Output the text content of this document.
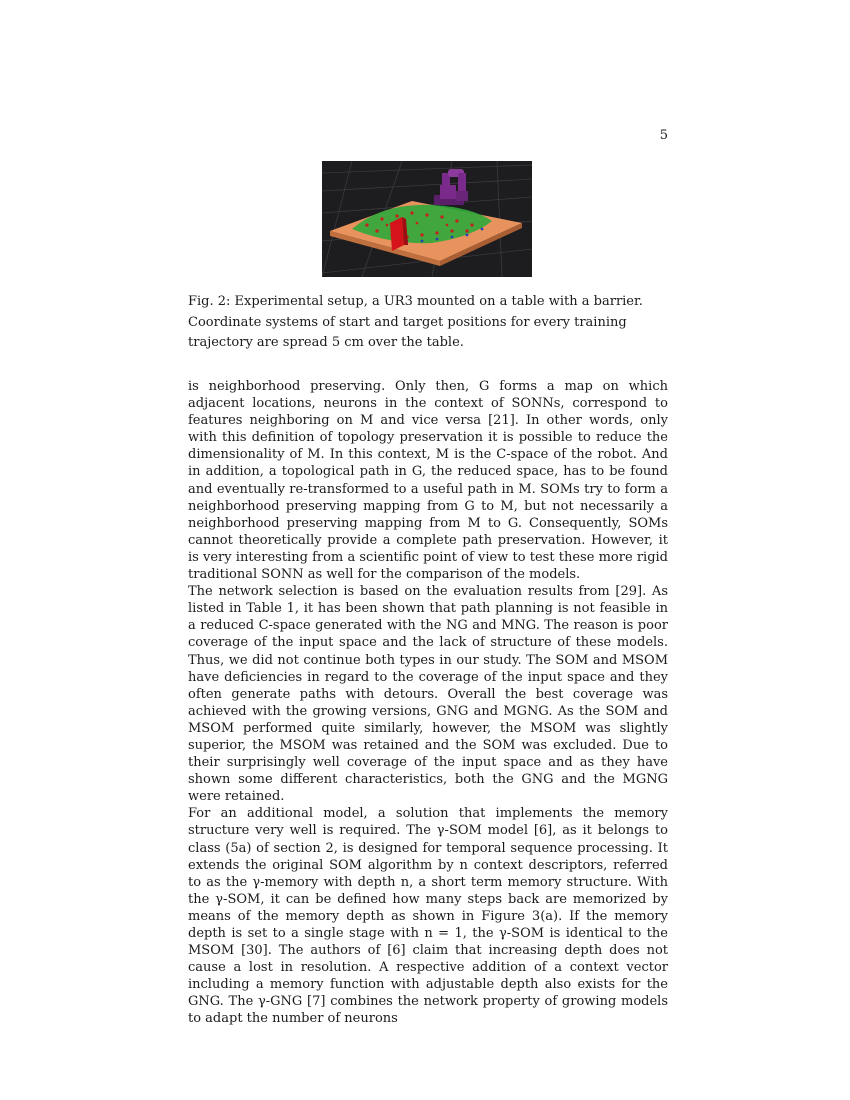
5
Fig. 2: Experimental setup, a UR3 mounted on a table with a barrier. Coordinate systems of start and target positions for every training trajectory are spread 5 cm over the table.

is neighborhood preserving. Only then, G forms a map on which adjacent locations, neurons in the context of SONNs, correspond to features neighboring on M and vice versa [21]. In other words, only with this definition of topology preservation it is possible to reduce the dimensionality of M. In this context, M is the C-space of the robot. And in addition, a topological path in G, the reduced space, has to be found and eventually re-transformed to a useful path in M. SOMs try to form a neighborhood preserving mapping from G to M, but not necessarily a neighborhood preserving mapping from M to G. Consequently, SOMs cannot theoretically provide a complete path preservation. However, it is very interesting from a scientific point of view to test these more rigid traditional SONN as well for the comparison of the models.

The network selection is based on the evaluation results from [29]. As listed in Table 1, it has been shown that path planning is not feasible in a reduced C-space generated with the NG and MNG. The reason is poor coverage of the input space and the lack of structure of these models. Thus, we did not continue both types in our study. The SOM and MSOM have deficiencies in regard to the coverage of the input space and they often generate paths with detours. Overall the best coverage was achieved with the growing versions, GNG and MGNG. As the SOM and MSOM performed quite similarly, however, the MSOM was slightly superior, the MSOM was retained and the SOM was excluded. Due to their surprisingly well coverage of the input space and as they have shown some different characteristics, both the GNG and the MGNG were retained.

For an additional model, a solution that implements the memory structure very well is required. The γ-SOM model [6], as it belongs to class (5a) of section 2, is designed for temporal sequence processing. It extends the original SOM algorithm by n context descriptors, referred to as the γ-memory with depth n, a short term memory structure. With the γ-SOM, it can be defined how many steps back are memorized by means of the memory depth as shown in Figure 3(a). If the memory depth is set to a single stage with n = 1, the γ-SOM is identical to the MSOM [30]. The authors of [6] claim that increasing depth does not cause a lost in resolution. A respective addition of a context vector including a memory function with adjustable depth also exists for the GNG. The γ-GNG [7] combines the network property of growing models to adapt the number of neurons
